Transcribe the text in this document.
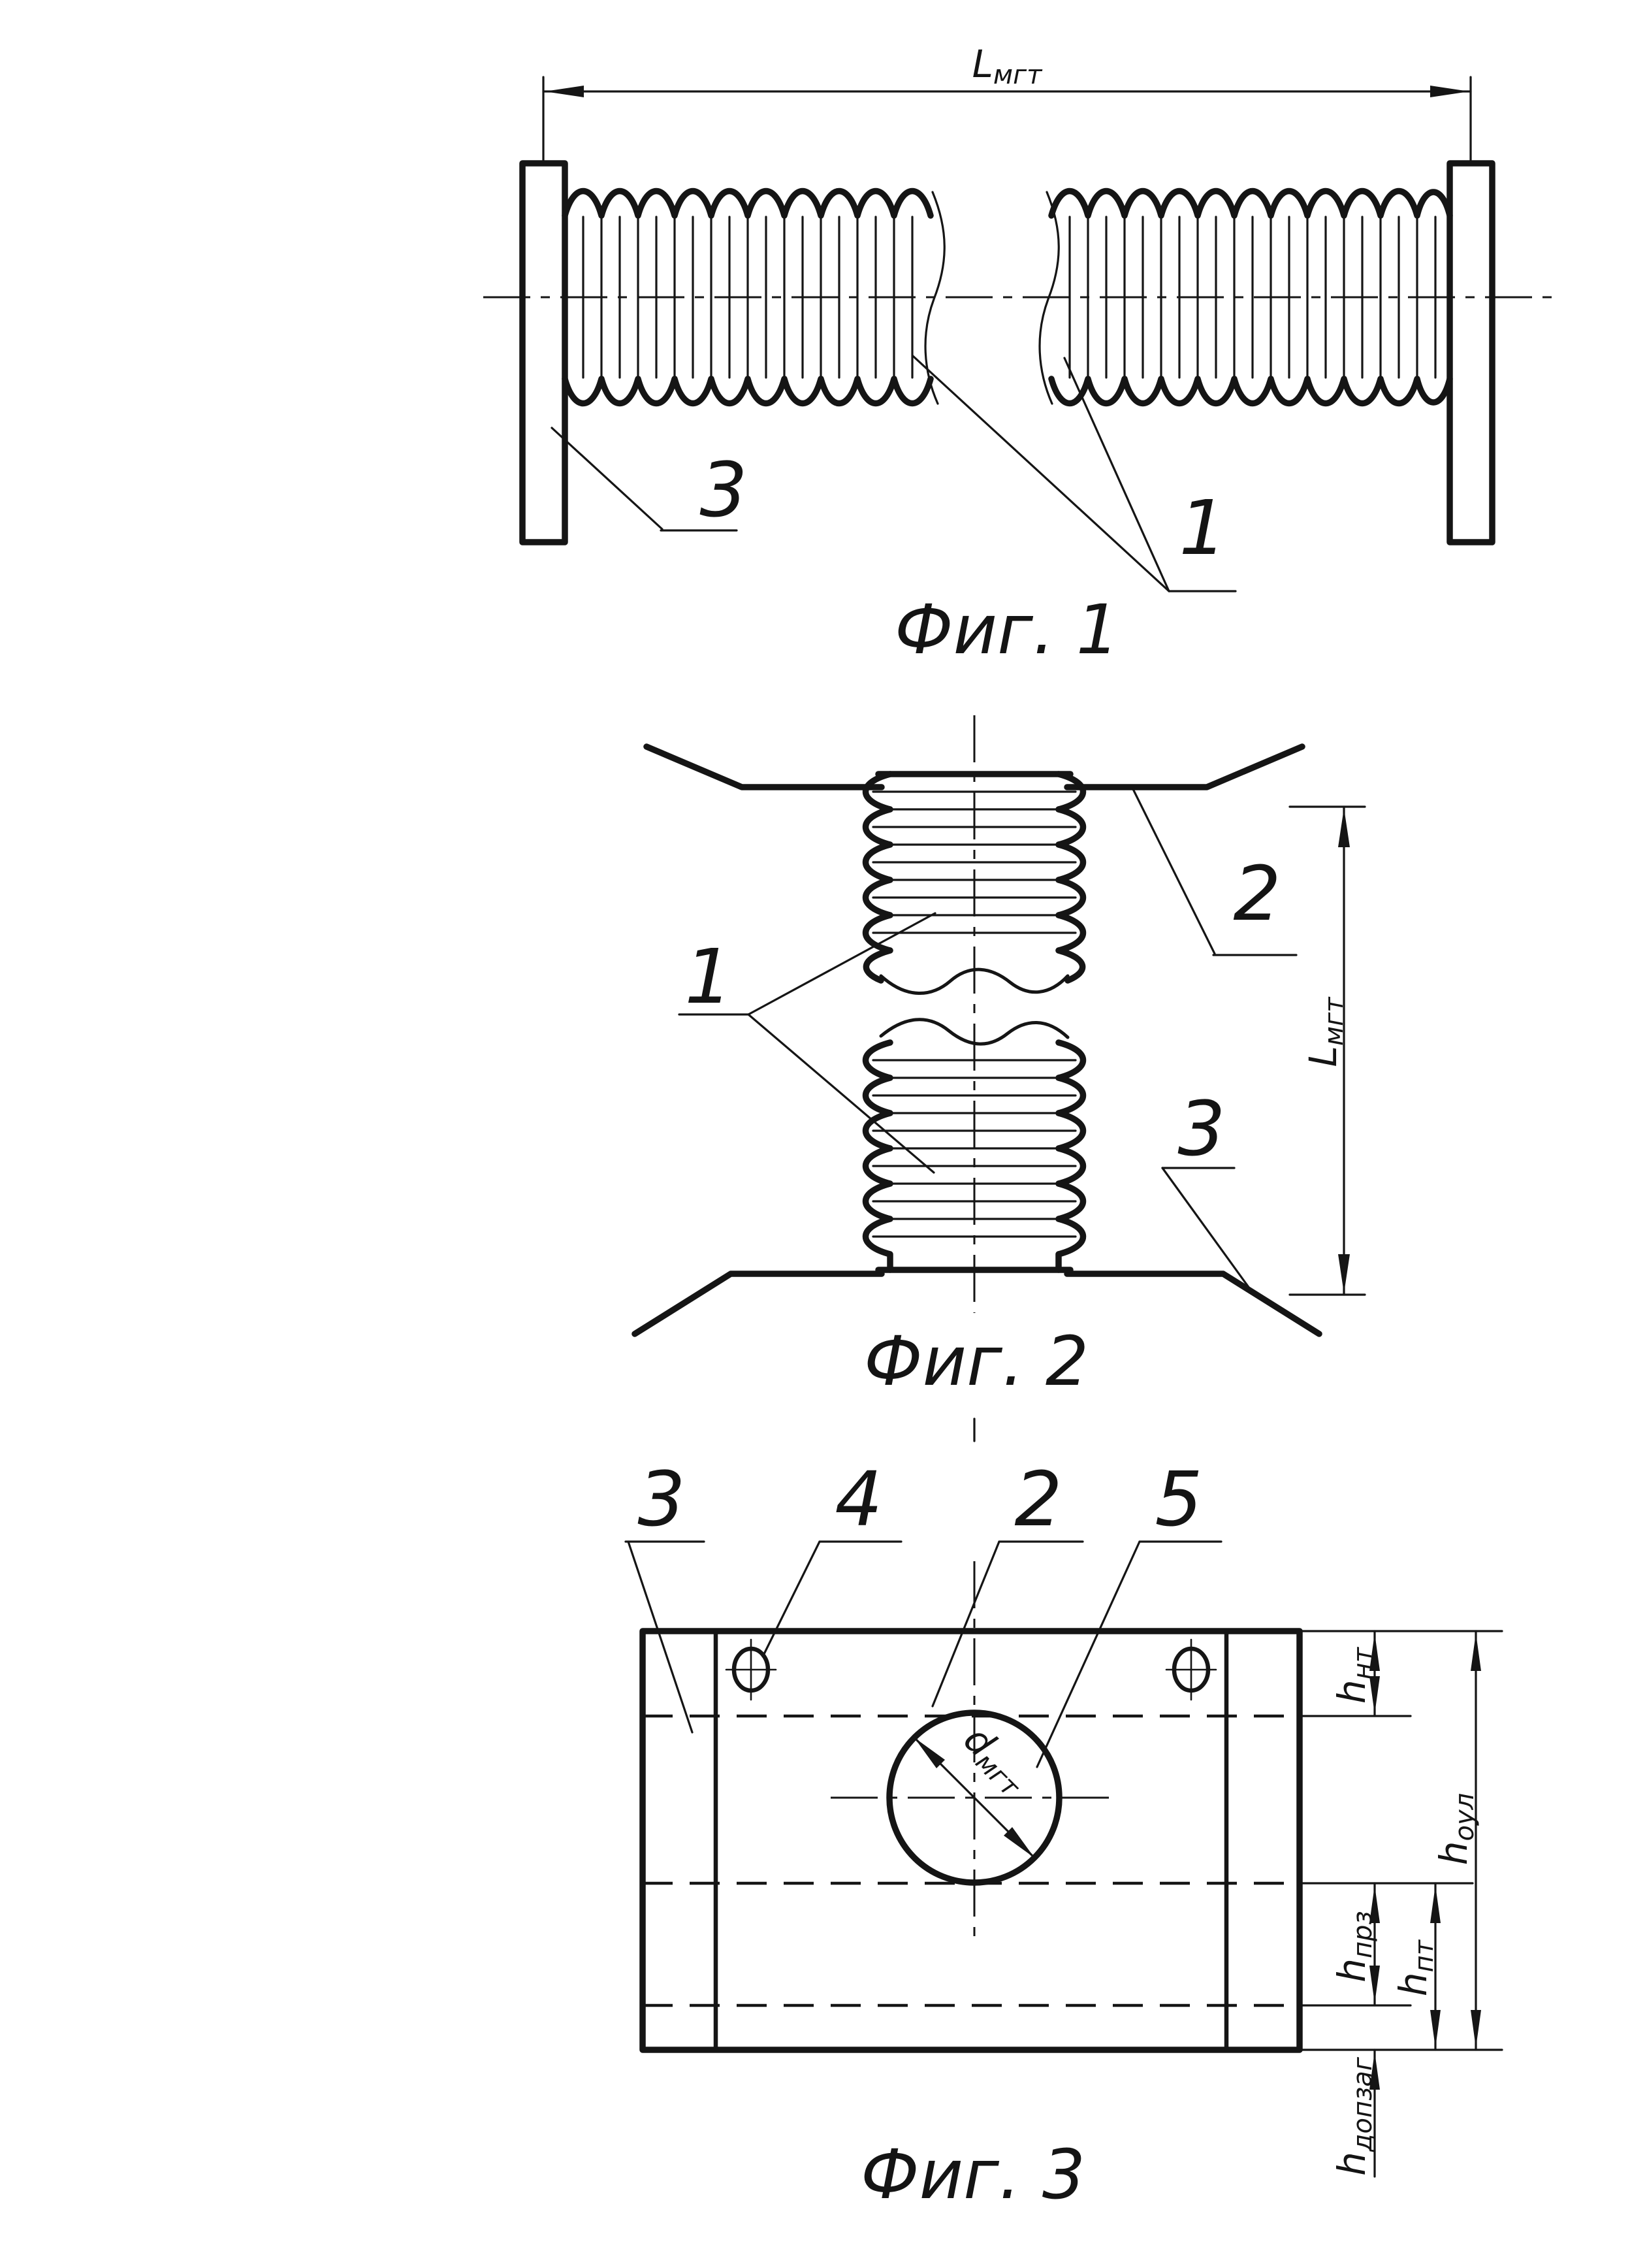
Lмгт
3	1
Фиг. 1
Lмгт
2
1
3
Фиг. 2
dмгт
3 4 2 5
hнт
hпрз
hпт
hоул
hдопзаг
Фиг. 3
